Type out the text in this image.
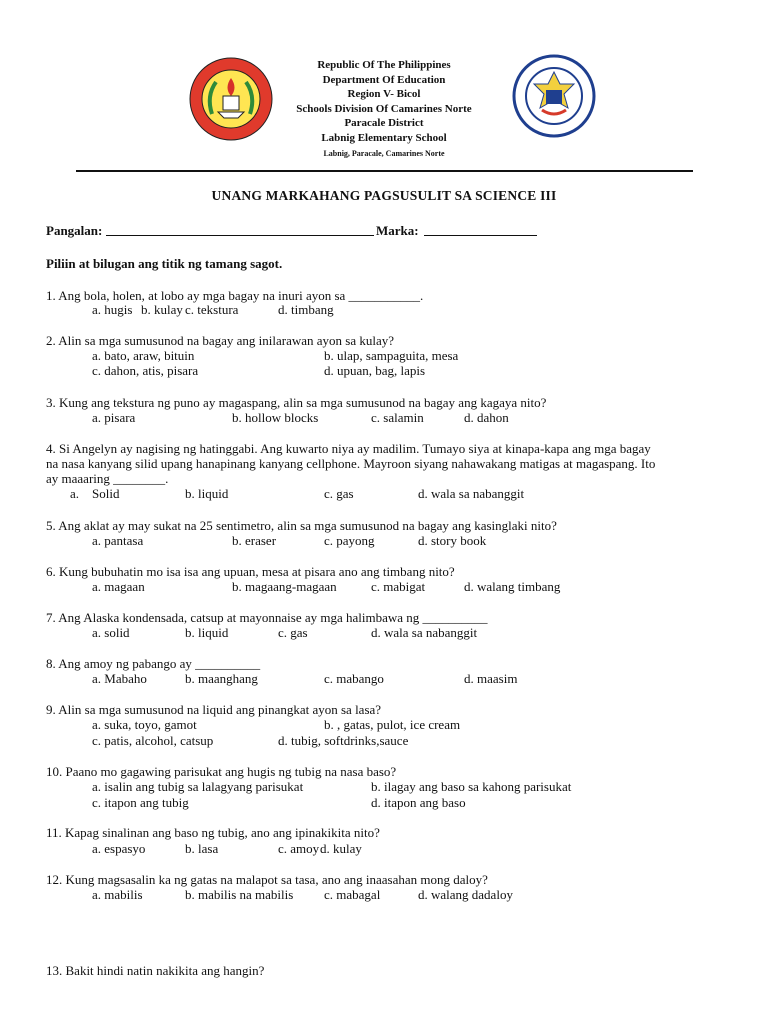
Republic Of The Philippines
Department Of Education
Region V- Bicol
Schools Division Of Camarines Norte
Paracale District
Labnig Elementary School
Labnig, Paracale, Camarines Norte
UNANG MARKAHANG PAGSUSULIT SA SCIENCE III
Pangalan:	Marka:
Piliin at bilugan ang titik ng tamang sagot.
1. Ang bola, holen, at lobo ay mga bagay na inuri ayon sa ___________.
a. hugis b. kulay c. tekstura	d. timbang
2. Alin sa mga sumusunod na bagay ang inilarawan ayon sa kulay?
a. bato, araw, bituin	b. ulap, sampaguita, mesa
c. dahon, atis, pisara	d. upuan, bag, lapis
3. Kung ang tekstura ng puno ay magaspang, alin sa mga sumusunod na bagay ang kagaya nito?
a. pisara	b. hollow blocks	c. salamin	d. dahon
4. Si Angelyn ay nagising ng hatinggabi. Ang kuwarto niya ay madilim. Tumayo siya at kinapa-kapa ang mga bagay
na nasa kanyang silid upang hanapinang kanyang cellphone. Mayroon siyang nahawakang matigas at magaspang. Ito
ay maaaring ________.
a. Solid	b. liquid	c. gas	d. wala sa nabanggit
5. Ang aklat ay may sukat na 25 sentimetro, alin sa mga sumusunod na bagay ang kasinglaki nito?
a. pantasa	b. eraser	c. payong	d. story book
6. Kung bubuhatin mo isa isa ang upuan, mesa at pisara ano ang timbang nito?
a. magaan	b. magaang-magaan	c. mabigat	d. walang timbang
7. Ang Alaska kondensada, catsup at mayonnaise ay mga halimbawa ng __________
a. solid	b. liquid	c. gas	d. wala sa nabanggit
8. Ang amoy ng pabango ay __________
a. Mabaho	b. maanghang	c. mabango	d. maasim
9. Alin sa mga sumusunod na liquid ang pinangkat ayon sa lasa?
a. suka, toyo, gamot	b. , gatas, pulot, ice cream
c. patis, alcohol, catsup	d. tubig, softdrinks,sauce
10. Paano mo gagawing parisukat ang hugis ng tubig na nasa baso?
a. isalin ang tubig sa lalagyang parisukat	b. ilagay ang baso sa kahong parisukat
c. itapon ang tubig	d. itapon ang baso
11. Kapag sinalinan ang baso ng tubig, ano ang ipinakikita nito?
a. espasyo	b. lasa	c. amoy d. kulay
12. Kung magsasalin ka ng gatas na malapot sa tasa, ano ang inaasahan mong daloy?
a. mabilis	b. mabilis na mabilis c. mabagal	d. walang dadaloy
13. Bakit hindi natin nakikita ang hangin?
